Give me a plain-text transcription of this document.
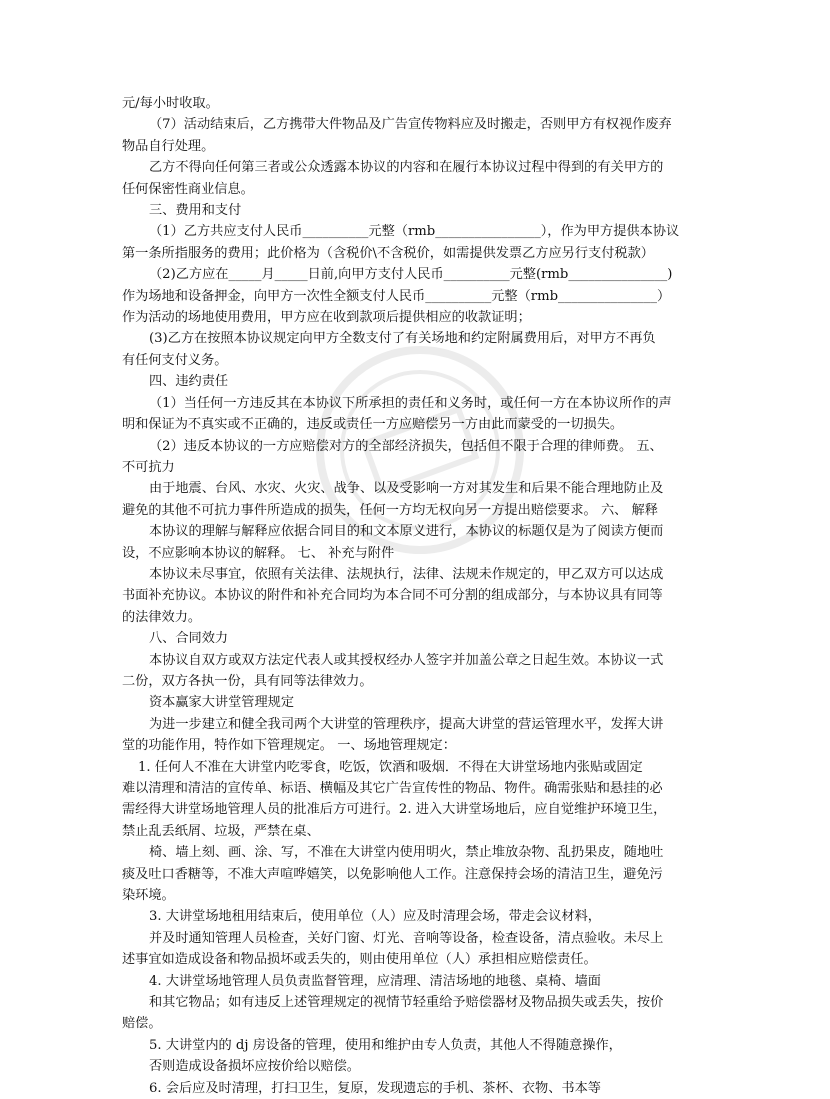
元/每小时收取。

（7）活动结束后，乙方携带大件物品及广告宣传物料应及时搬走，否则甲方有权视作废弃

物品自行处理。

乙方不得向任何第三者或公众透露本协议的内容和在履行本协议过程中得到的有关甲方的

任何保密性商业信息。

三、费用和支付

（1）乙方共应支付人民币__________元整（rmb________________），作为甲方提供本协议

第一条所指服务的费用；此价格为（含税价\不含税价，如需提供发票乙方应另行支付税款）

（2)乙方应在_____月_____日前,向甲方支付人民币__________元整(rmb_______________)

作为场地和设备押金，向甲方一次性全额支付人民币__________元整（rmb_______________）

作为活动的场地使用费用，甲方应在收到款项后提供相应的收款证明；

(3)乙方在按照本协议规定向甲方全数支付了有关场地和约定附属费用后，对甲方不再负

有任何支付义务。

四、违约责任

（1）当任何一方违反其在本协议下所承担的责任和义务时，或任何一方在本协议所作的声

明和保证为不真实或不正确的，违反或责任一方应赔偿另一方由此而蒙受的一切损失。

（2）违反本协议的一方应赔偿对方的全部经济损失，包括但不限于合理的律师费。 五、

不可抗力

由于地震、台风、水灾、火灾、战争、以及受影响一方对其发生和后果不能合理地防止及

避免的其他不可抗力事件所造成的损失，任何一方均无权向另一方提出赔偿要求。 六、 解释

本协议的理解与解释应依据合同目的和文本原义进行，本协议的标题仅是为了阅读方便而

设，不应影响本协议的解释。 七、 补充与附件

本协议未尽事宜，依照有关法律、法规执行，法律、法规未作规定的，甲乙双方可以达成

书面补充协议。本协议的附件和补充合同均为本合同不可分割的组成部分，与本协议具有同等

的法律效力。

八、合同效力

本协议自双方或双方法定代表人或其授权经办人签字并加盖公章之日起生效。本协议一式

二份，双方各执一份，具有同等法律效力。

资本赢家大讲堂管理规定

为进一步建立和健全我司两个大讲堂的管理秩序，提高大讲堂的营运管理水平，发挥大讲

堂的功能作用，特作如下管理规定。 一、场地管理规定：

1. 任何人不准在大讲堂内吃零食，吃饭，饮酒和吸烟．不得在大讲堂场地内张贴或固定

难以清理和清洁的宣传单、标语、横幅及其它广告宣传性的物品、物件。确需张贴和悬挂的必

需经得大讲堂场地管理人员的批准后方可进行。2. 进入大讲堂场地后，应自觉维护环境卫生，

禁止乱丢纸屑、垃圾，严禁在桌、

椅、墙上刻、画、涂、写，不准在大讲堂内使用明火，禁止堆放杂物、乱扔果皮，随地吐

痰及吐口香糖等，不准大声喧哗嬉笑，以免影响他人工作。注意保持会场的清洁卫生，避免污

染环境。

3. 大讲堂场地租用结束后，使用单位（人）应及时清理会场，带走会议材料，

并及时通知管理人员检查，关好门窗、灯光、音响等设备，检查设备，清点验收。未尽上

述事宜如造成设备和物品损坏或丢失的，则由使用单位（人）承担相应赔偿责任。

4. 大讲堂场地管理人员负责监督管理，应清理、清洁场地的地毯、桌椅、墙面

和其它物品；如有违反上述管理规定的视情节轻重给予赔偿器材及物品损失或丢失，按价

赔偿。

5. 大讲堂内的 dj 房设备的管理，使用和维护由专人负责，其他人不得随意操作，

否则造成设备损坏应按价给以赔偿。

6. 会后应及时清理，打扫卫生，复原，发现遗忘的手机、茶杯、衣物、书本等
